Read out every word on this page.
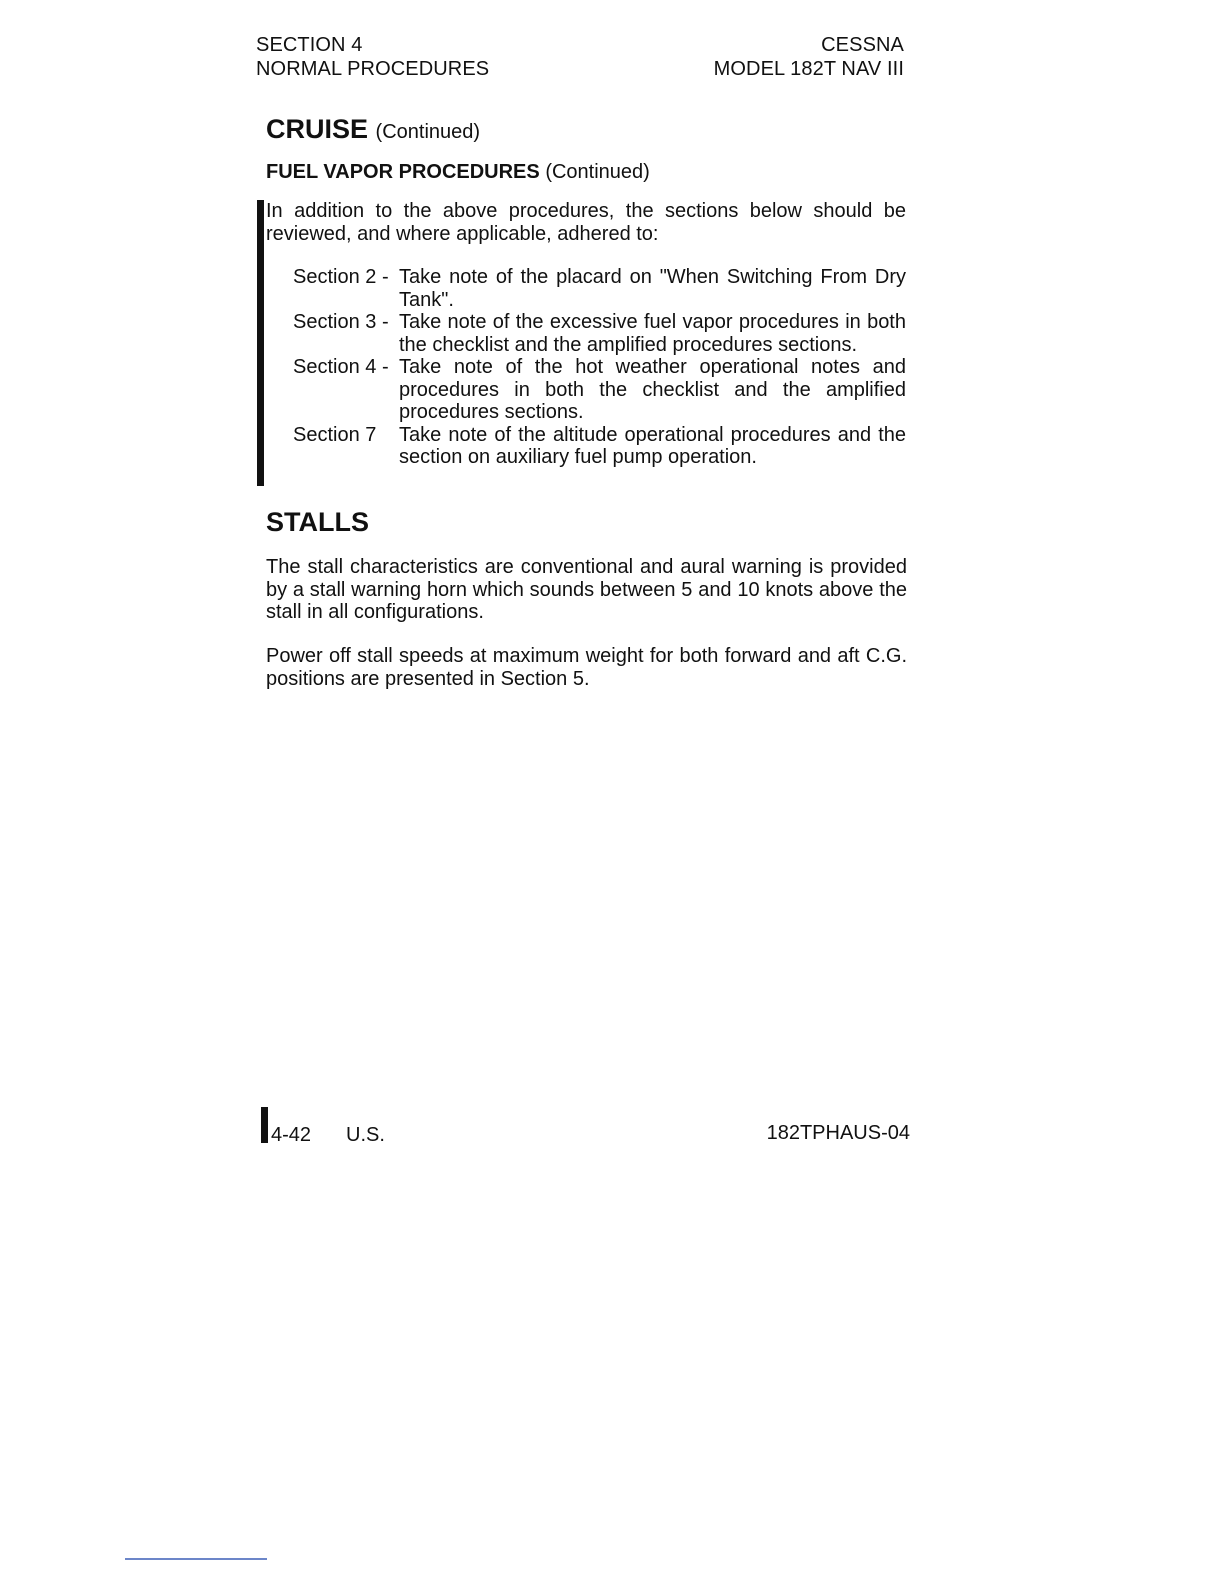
SECTION 4
NORMAL PROCEDURES
CESSNA
MODEL 182T NAV III
CRUISE (Continued)
FUEL VAPOR PROCEDURES (Continued)
In addition to the above procedures, the sections below should be reviewed, and where applicable, adhered to:
Section 2 - Take note of the placard on "When Switching From Dry Tank".
Section 3 - Take note of the excessive fuel vapor procedures in both the checklist and the amplified procedures sections.
Section 4 - Take note of the hot weather operational notes and procedures in both the checklist and the amplified procedures sections.
Section 7	Take note of the altitude operational procedures and the section on auxiliary fuel pump operation.
STALLS
The stall characteristics are conventional and aural warning is provided by a stall warning horn which sounds between 5 and 10 knots above the stall in all configurations.
Power off stall speeds at maximum weight for both forward and aft C.G. positions are presented in Section 5.
4-42 U.S.	182TPHAUS-04
